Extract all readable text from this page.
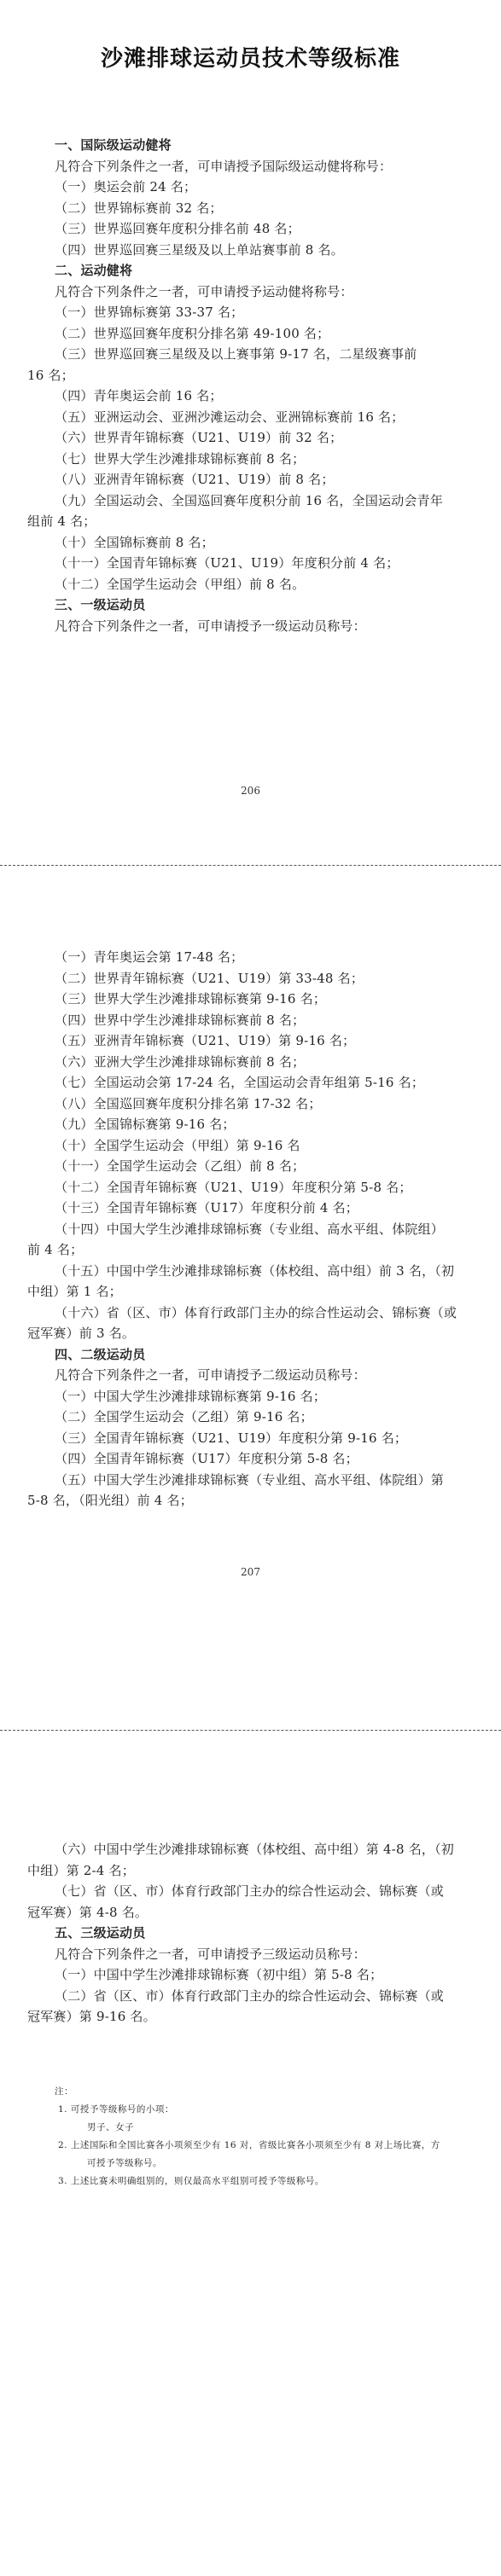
沙滩排球运动员技术等级标准
一、国际级运动健将
凡符合下列条件之一者，可申请授予国际级运动健将称号：
（一）奥运会前 24 名；
（二）世界锦标赛前 32 名；
（三）世界巡回赛年度积分排名前 48 名；
（四）世界巡回赛三星级及以上单站赛事前 8 名。
二、运动健将
凡符合下列条件之一者，可申请授予运动健将称号：
（一）世界锦标赛第 33-37 名；
（二）世界巡回赛年度积分排名第 49-100 名；
（三）世界巡回赛三星级及以上赛事第 9-17 名，二星级赛事前
16 名；
（四）青年奥运会前 16 名；
（五）亚洲运动会、亚洲沙滩运动会、亚洲锦标赛前 16 名；
（六）世界青年锦标赛（U21、U19）前 32 名；
（七）世界大学生沙滩排球锦标赛前 8 名；
（八）亚洲青年锦标赛（U21、U19）前 8 名；
（九）全国运动会、全国巡回赛年度积分前 16 名，全国运动会青年
组前 4 名；
（十）全国锦标赛前 8 名；
（十一）全国青年锦标赛（U21、U19）年度积分前 4 名；
（十二）全国学生运动会（甲组）前 8 名。
三、一级运动员
凡符合下列条件之一者，可申请授予一级运动员称号：
206
（一）青年奥运会第 17-48 名；
（二）世界青年锦标赛（U21、U19）第 33-48 名；
（三）世界大学生沙滩排球锦标赛第 9-16 名；
（四）世界中学生沙滩排球锦标赛前 8 名；
（五）亚洲青年锦标赛（U21、U19）第 9-16 名；
（六）亚洲大学生沙滩排球锦标赛前 8 名；
（七）全国运动会第 17-24 名，全国运动会青年组第 5-16 名；
（八）全国巡回赛年度积分排名第 17-32 名；
（九）全国锦标赛第 9-16 名；
（十）全国学生运动会（甲组）第 9-16 名
（十一）全国学生运动会（乙组）前 8 名；
（十二）全国青年锦标赛（U21、U19）年度积分第 5-8 名；
（十三）全国青年锦标赛（U17）年度积分前 4 名；
（十四）中国大学生沙滩排球锦标赛（专业组、高水平组、体院组）
前 4 名；
（十五）中国中学生沙滩排球锦标赛（体校组、高中组）前 3 名，（初
中组）第 1 名；
（十六）省（区、市）体育行政部门主办的综合性运动会、锦标赛（或
冠军赛）前 3 名。
四、二级运动员
凡符合下列条件之一者，可申请授予二级运动员称号：
（一）中国大学生沙滩排球锦标赛第 9-16 名；
（二）全国学生运动会（乙组）第 9-16 名；
（三）全国青年锦标赛（U21、U19）年度积分第 9-16 名；
（四）全国青年锦标赛（U17）年度积分第 5-8 名；
（五）中国大学生沙滩排球锦标赛（专业组、高水平组、体院组）第
5-8 名，（阳光组）前 4 名；
207
（六）中国中学生沙滩排球锦标赛（体校组、高中组）第 4-8 名，（初
中组）第 2-4 名；
（七）省（区、市）体育行政部门主办的综合性运动会、锦标赛（或
冠军赛）第 4-8 名。
五、三级运动员
凡符合下列条件之一者，可申请授予三级运动员称号：
（一）中国中学生沙滩排球锦标赛（初中组）第 5-8 名；
（二）省（区、市）体育行政部门主办的综合性运动会、锦标赛（或
冠军赛）第 9-16 名。
注：
1. 可授予等级称号的小项：
男子、女子
2. 上述国际和全国比赛各小项须至少有 16 对，省级比赛各小项须至少有 8 对上场比赛，方
可授予等级称号。
3. 上述比赛未明确组别的，则仅最高水平组别可授予等级称号。
